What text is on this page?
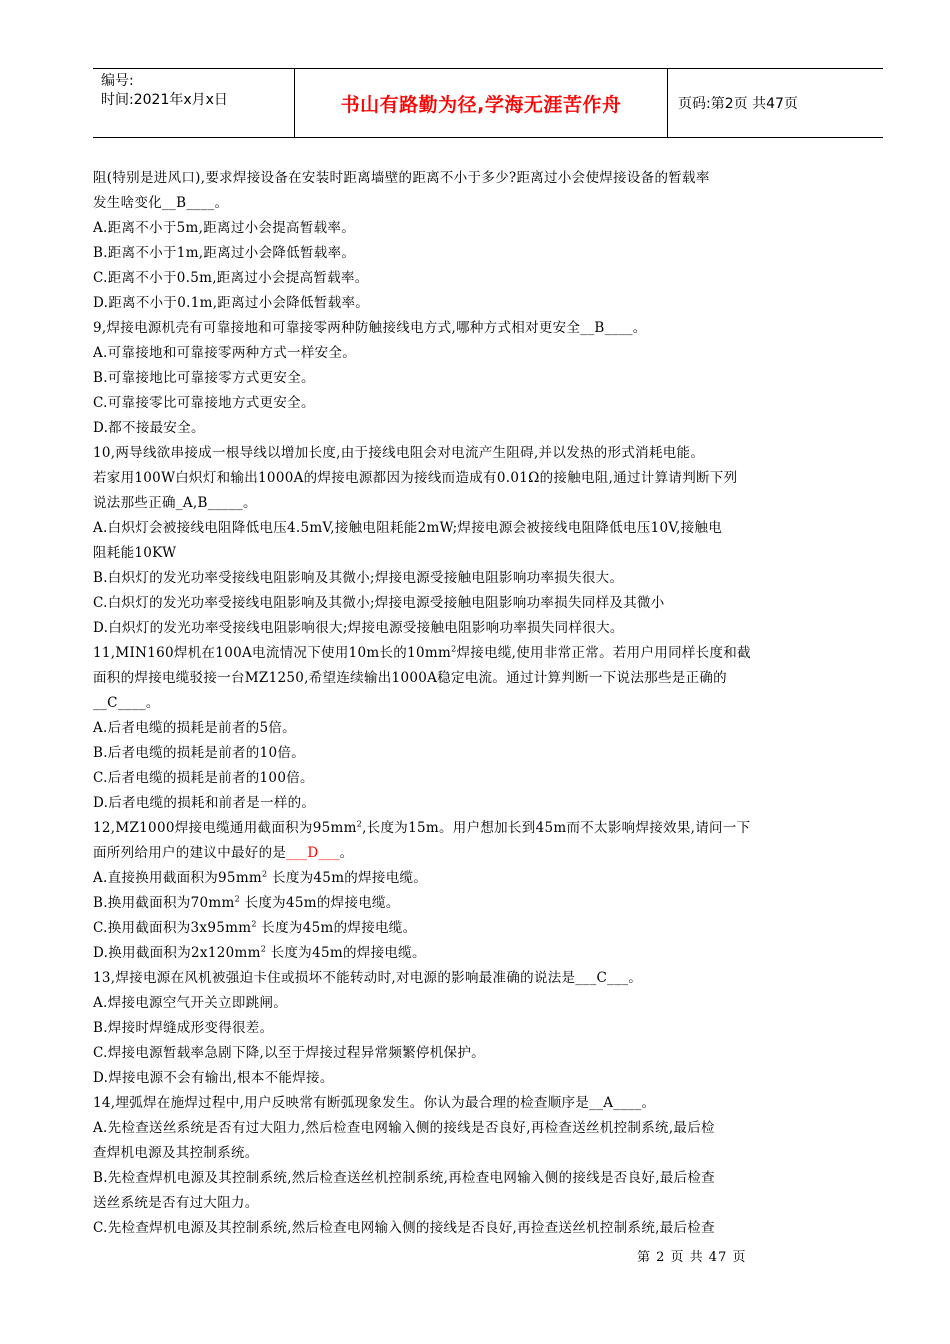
编号:
时间:2021年x月x日	书山有路勤为径,学海无涯苦作舟	页码:第2页 共47页
阻(特别是进风口),要求焊接设备在安装时距离墙壁的距离不小于多少?距离过小会使焊接设备的暂载率
发生啥变化__B____。
A.距离不小于5m,距离过小会提高暂载率。
B.距离不小于1m,距离过小会降低暂载率。
C.距离不小于0.5m,距离过小会提高暂载率。
D.距离不小于0.1m,距离过小会降低暂载率。
9,焊接电源机壳有可靠接地和可靠接零两种防触接线电方式,哪种方式相对更安全__B____。
A.可靠接地和可靠接零两种方式一样安全。
B.可靠接地比可靠接零方式更安全。
C.可靠接零比可靠接地方式更安全。
D.都不接最安全。
10,两导线欲串接成一根导线以增加长度,由于接线电阻会对电流产生阻碍,并以发热的形式消耗电能。
若家用100W白炽灯和输出1000A的焊接电源都因为接线而造成有0.01Ω的接触电阻,通过计算请判断下列
说法那些正确_A,B_____。
A.白炽灯会被接线电阻降低电压4.5mV,接触电阻耗能2mW;焊接电源会被接线电阻降低电压10V,接触电
阻耗能10KW
B.白炽灯的发光功率受接线电阻影响及其微小;焊接电源受接触电阻影响功率损失很大。
C.白炽灯的发光功率受接线电阻影响及其微小;焊接电源受接触电阻影响功率损失同样及其微小
D.白炽灯的发光功率受接线电阻影响很大;焊接电源受接触电阻影响功率损失同样很大。
11,MIN160焊机在100A电流情况下使用10m长的$10mm^2$焊接电缆,使用非常正常。若用户用同样长度和截
面积的焊接电缆驳接一台MZ1250,希望连续输出1000A稳定电流。通过计算判断一下说法那些是正确的
__C____。
A.后者电缆的损耗是前者的5倍。
B.后者电缆的损耗是前者的10倍。
C.后者电缆的损耗是前者的100倍。
D.后者电缆的损耗和前者是一样的。
12,MZ1000焊接电缆通用截面积为$95mm^2$,长度为15m。用户想加长到45m而不太影响焊接效果,请问一下
面所列给用户的建议中最好的是___D___。
A.直接换用截面积为$95mm^2$ 长度为45m的焊接电缆。
B.换用截面积为$70mm^2$ 长度为45m的焊接电缆。
C.换用截面积为$3x95mm^2$ 长度为45m的焊接电缆。
D.换用截面积为$2x120mm^2$ 长度为45m的焊接电缆。
13,焊接电源在风机被强迫卡住或损坏不能转动时,对电源的影响最准确的说法是___C___。
A.焊接电源空气开关立即跳闸。
B.焊接时焊缝成形变得很差。
C.焊接电源暂载率急剧下降,以至于焊接过程异常频繁停机保护。
D.焊接电源不会有输出,根本不能焊接。
14,埋弧焊在施焊过程中,用户反映常有断弧现象发生。你认为最合理的检查顺序是__A____。
A.先检查送丝系统是否有过大阻力,然后检查电网输入侧的接线是否良好,再检查送丝机控制系统,最后检
查焊机电源及其控制系统。
B.先检查焊机电源及其控制系统,然后检查送丝机控制系统,再检查电网输入侧的接线是否良好,最后检查
送丝系统是否有过大阻力。
C.先检查焊机电源及其控制系统,然后检查电网输入侧的接线是否良好,再捡查送丝机控制系统,最后检查
第 2 页 共 47 页
